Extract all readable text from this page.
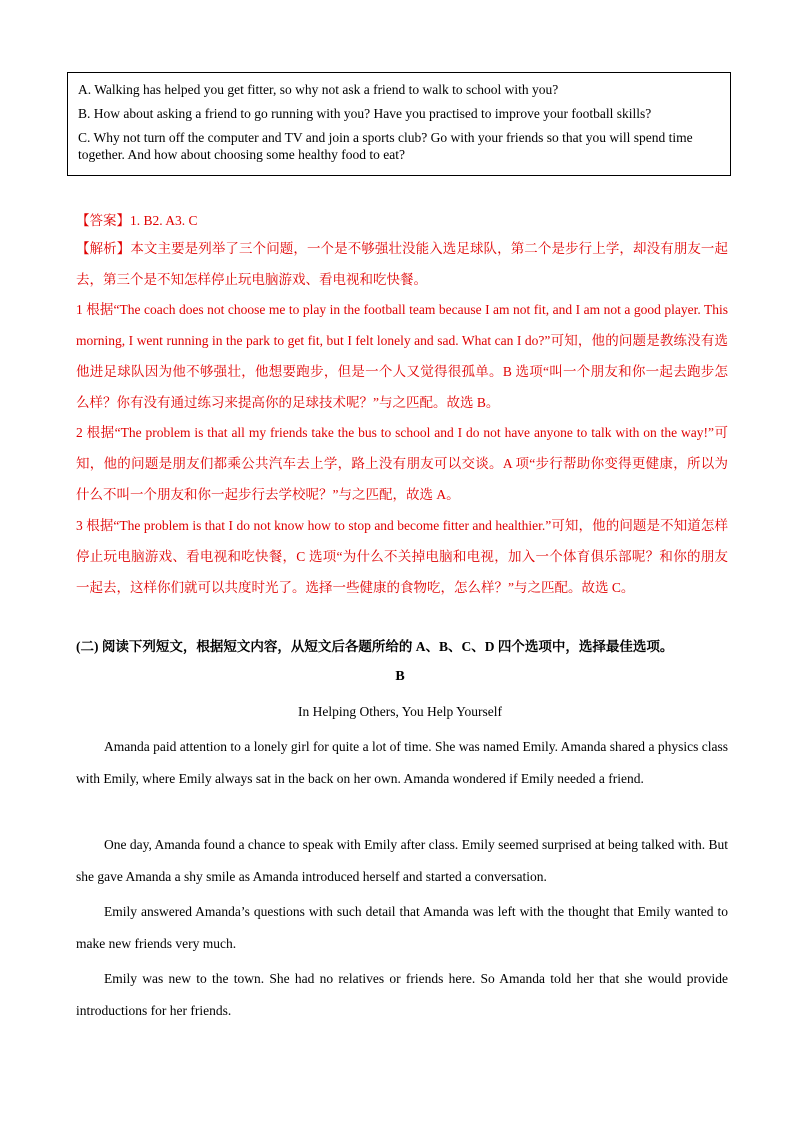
A. Walking has helped you get fitter, so why not ask a friend to walk to school with you?

B. How about asking a friend to go running with you? Have you practised to improve your football skills?

C. Why not turn off the computer and TV and join a sports club? Go with your friends so that you will spend time together. And how about choosing some healthy food to eat?

【答案】1. B2. A3. C
【解析】本文主要是列举了三个问题，一个是不够强壮没能入选足球队，第二个是步行上学，却没有朋友一起去，第三个是不知怎样停止玩电脑游戏、看电视和吃快餐。
1 根据“The coach does not choose me to play in the football team because I am not fit, and I am not a good player. This morning, I went running in the park to get fit, but I felt lonely and sad. What can I do?”可知，他的问题是教练没有选他进足球队因为他不够强壮，他想要跑步，但是一个人又觉得很孤单。B 选项“叫一个朋友和你一起去跑步怎么样？你有没有通过练习来提高你的足球技术呢？”与之匹配。故选 B。
2 根据“The problem is that all my friends take the bus to school and I do not have anyone to talk with on the way!”可知，他的问题是朋友们都乘公共汽车去上学，路上没有朋友可以交谈。A 项“步行帮助你变得更健康，所以为什么不叫一个朋友和你一起步行去学校呢？”与之匹配，故选 A。
3 根据“The problem is that I do not know how to stop and become fitter and healthier.”可知，他的问题是不知道怎样停止玩电脑游戏、看电视和吃快餐，C 选项“为什么不关掉电脑和电视，加入一个体育俱乐部呢？和你的朋友一起去，这样你们就可以共度时光了。选择一些健康的食物吃，怎么样？”与之匹配。故选 C。
(二) 阅读下列短文，根据短文内容，从短文后各题所给的 A、B、C、D 四个选项中，选择最佳选项。
B
In Helping Others, You Help Yourself
Amanda paid attention to a lonely girl for quite a lot of time. She was named Emily. Amanda shared a physics class with Emily, where Emily always sat in the back on her own. Amanda wondered if Emily needed a friend.
One day, Amanda found a chance to speak with Emily after class. Emily seemed surprised at being talked with. But she gave Amanda a shy smile as Amanda introduced herself and started a conversation.
Emily answered Amanda’s questions with such detail that Amanda was left with the thought that Emily wanted to make new friends very much.
Emily was new to the town. She had no relatives or friends here. So Amanda told her that she would provide introductions for her friends.
